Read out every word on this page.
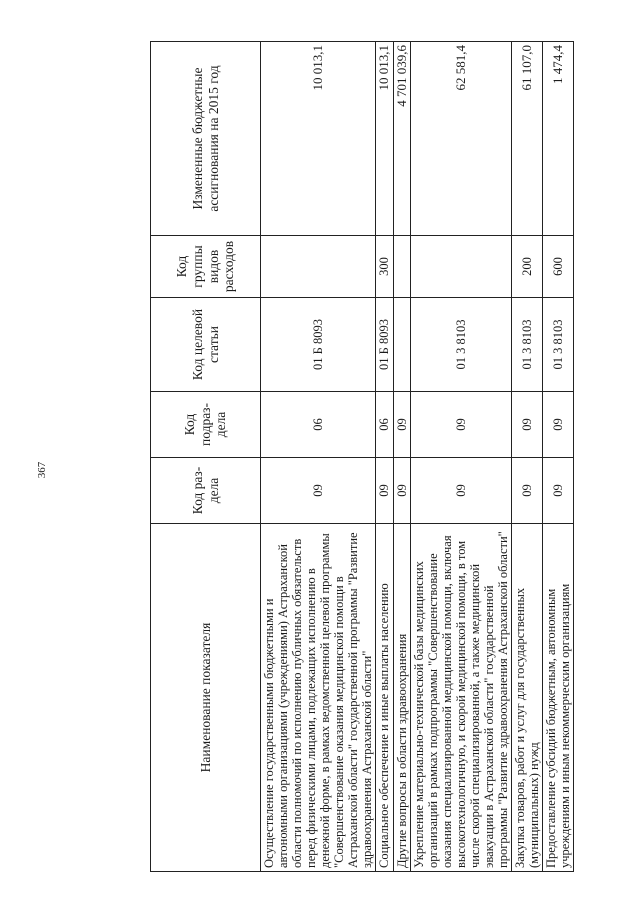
367
Наименование показателя	Код раз-дела	Код подраз-дела	Код целевой статьи	Код группы видов расходов	Измененные бюджетные ассигнования на 2015 год
Осуществление государственными бюджетными и автономными организациями (учреждениями) Астраханской области полномочий по исполнению публичных обязательств перед физическими лицами, подлежащих исполнению в денежной форме, в рамках ведомственной целевой программы "Совершенствование оказания медицинской помощи в Астраханской области" государственной программы "Развитие здравоохранения Астраханской области"	09	06	01 Б 8093		10 013,1
Социальное обеспечение и иные выплаты населению	09	06	01 Б 8093	300	10 013,1
Другие вопросы в области здравоохранения	09	09			4 701 039,6
Укрепление материально-технической базы медицинских организаций в рамках подпрограммы "Совершенствование оказания специализированной медицинской помощи, включая высокотехнологичную, и скорой медицинской помощи, в том числе скорой специализированной, а также медицинской эвакуации в Астраханской области" государственной программы "Развитие здравоохранения Астраханской области"	09	09	01 3 8103		62 581,4
Закупка товаров, работ и услуг для государственных (муниципальных) нужд	09	09	01 3 8103	200	61 107,0
Предоставление субсидий бюджетным, автономным учреждениям и иным некоммерческим организациям	09	09	01 3 8103	600	1 474,4
